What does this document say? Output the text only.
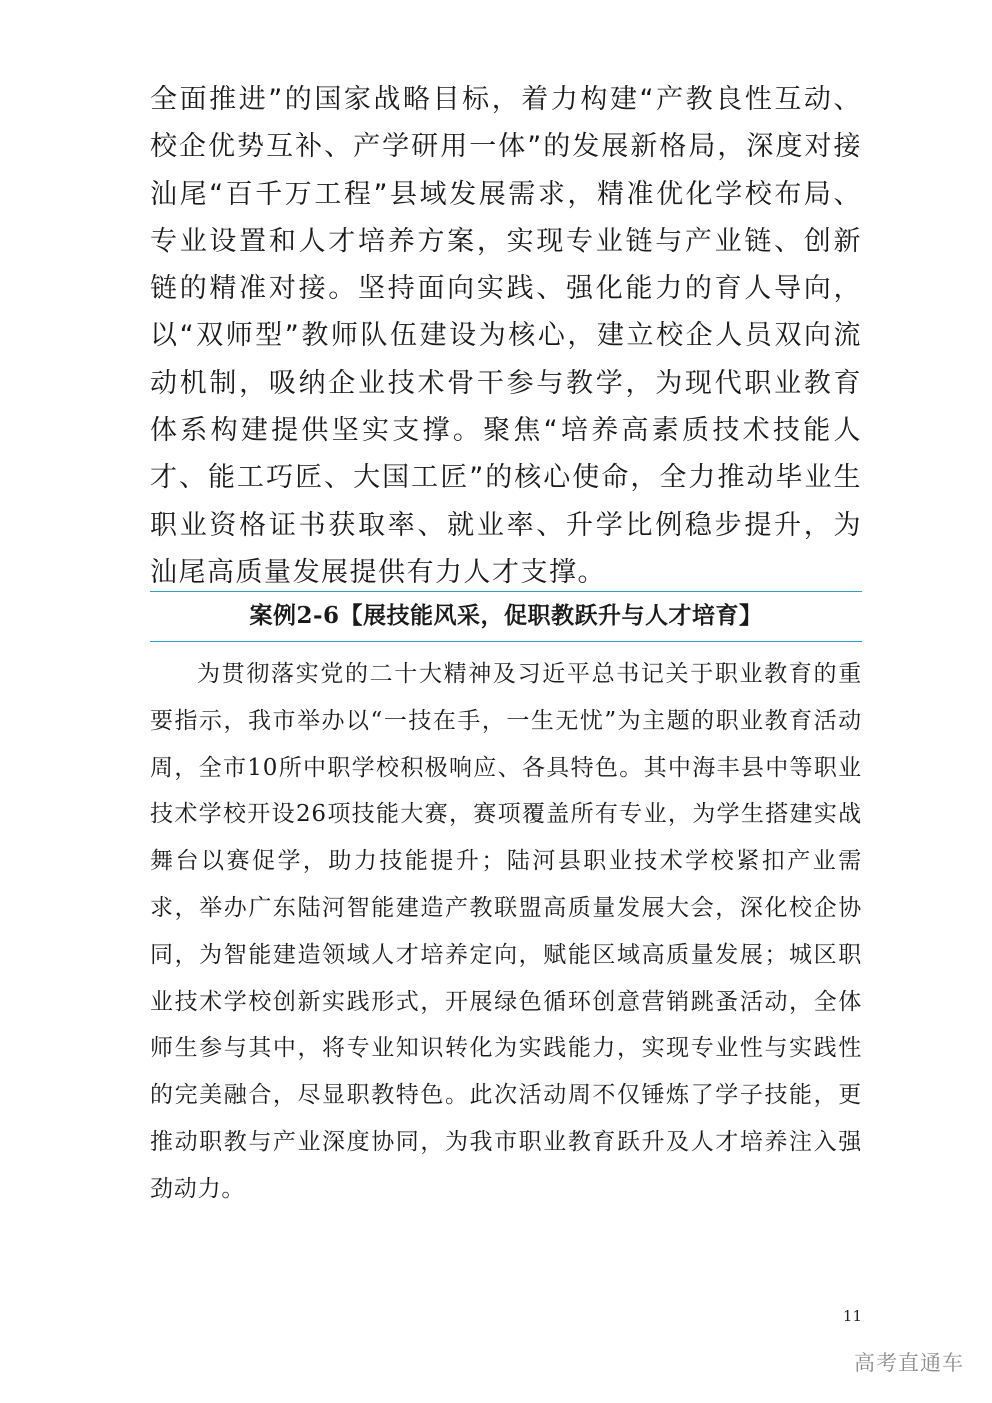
全面推进”的国家战略目标，着力构建“产教良性互动、校企优势互补、产学研用一体”的发展新格局，深度对接汕尾“百千万工程”县域发展需求，精准优化学校布局、专业设置和人才培养方案，实现专业链与产业链、创新链的精准对接。坚持面向实践、强化能力的育人导向，以“双师型”教师队伍建设为核心，建立校企人员双向流动机制，吸纳企业技术骨干参与教学，为现代职业教育体系构建提供坚实支撑。聚焦“培养高素质技术技能人才、能工巧匠、大国工匠”的核心使命，全力推动毕业生职业资格证书获取率、就业率、升学比例稳步提升，为汕尾高质量发展提供有力人才支撑。

案例2-6【展技能风采，促职教跃升与人才培育】

为贯彻落实党的二十大精神及习近平总书记关于职业教育的重要指示，我市举办以“一技在手，一生无忧”为主题的职业教育活动周，全市10所中职学校积极响应、各具特色。其中海丰县中等职业技术学校开设26项技能大赛，赛项覆盖所有专业，为学生搭建实战舞台以赛促学，助力技能提升；陆河县职业技术学校紧扣产业需求，举办广东陆河智能建造产教联盟高质量发展大会，深化校企协同，为智能建造领域人才培养定向，赋能区域高质量发展；城区职业技术学校创新实践形式，开展绿色循环创意营销跳蚤活动，全体师生参与其中，将专业知识转化为实践能力，实现专业性与实践性的完美融合，尽显职教特色。此次活动周不仅锤炼了学子技能，更推动职教与产业深度协同，为我市职业教育跃升及人才培养注入强劲动力。

11
高考直通车
